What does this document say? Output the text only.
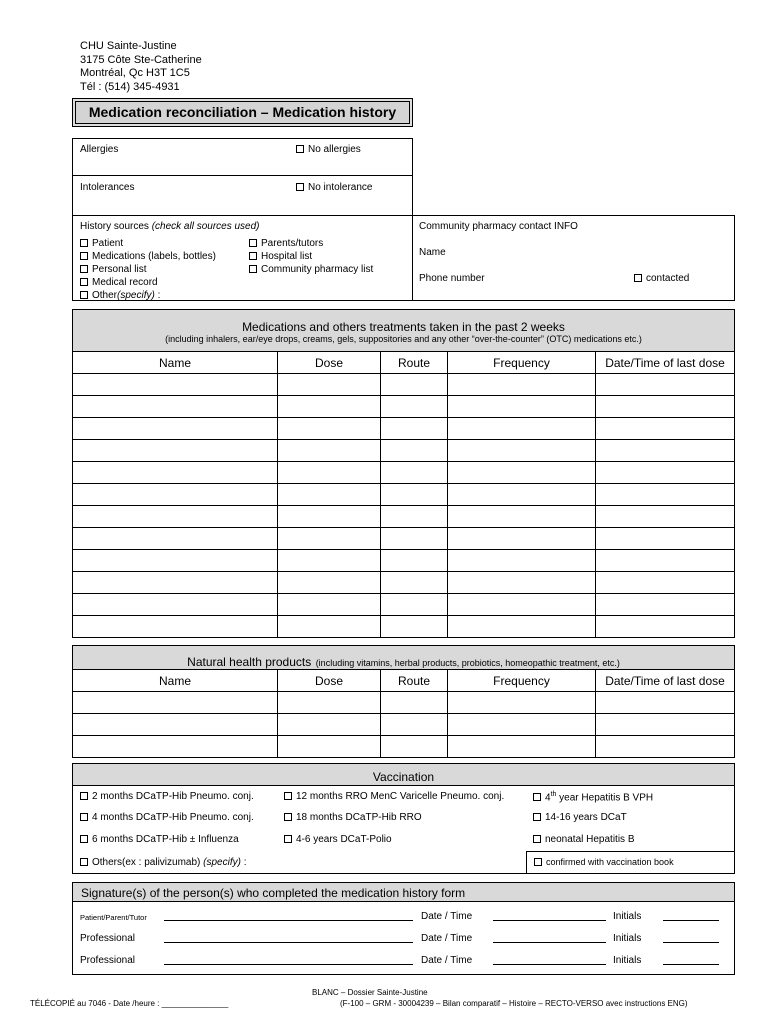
CHU Sainte-Justine
3175 Côte Ste-Catherine
Montréal, Qc H3T 1C5
Tél : (514) 345-4931
Medication reconciliation – Medication history
Allergies	No allergies
Intolerances	No intolerance
History sources (check all sources used)
Patient
Medications (labels, bottles)
Personal list
Medical record
Other(specify) :
Parents/tutors
Hospital list
Community pharmacy list
Community pharmacy contact INFO
Name
Phone number	contacted
Medications and others treatments taken in the past 2 weeks
(including inhalers, ear/eye drops, creams, gels, suppositories and any other “over-the-counter” (OTC) medications etc.)
Name	Dose	Route	Frequency	Date/Time of last dose

Natural health products (including vitamins, herbal products, probiotics, homeopathic treatment, etc.)
Name	Dose	Route	Frequency	Date/Time of last dose

Vaccination
2 months DCaTP-Hib Pneumo. conj.	12 months RRO MenC Varicelle Pneumo. conj.	4th year Hepatitis B VPH
4 months DCaTP-Hib Pneumo. conj.	18 months DCaTP-Hib RRO	14-16 years DCaT
6 months DCaTP-Hib ± Influenza	4-6 years DCaT-Polio	neonatal Hepatitis B
Others(ex : palivizumab) (specify) :	confirmed with vaccination book
Signature(s) of the person(s) who completed the medication history form
Patient/Parent/Tutor	Date / Time	Initials
Professional	Date / Time	Initials
Professional	Date / Time	Initials
BLANC – Dossier Sainte-Justine
TÉLÉCOPIÉ au 7046 - Date /heure : _______________	(F-100 – GRM - 30004239 – Bilan comparatif – Histoire – RECTO-VERSO avec instructions ENG)
